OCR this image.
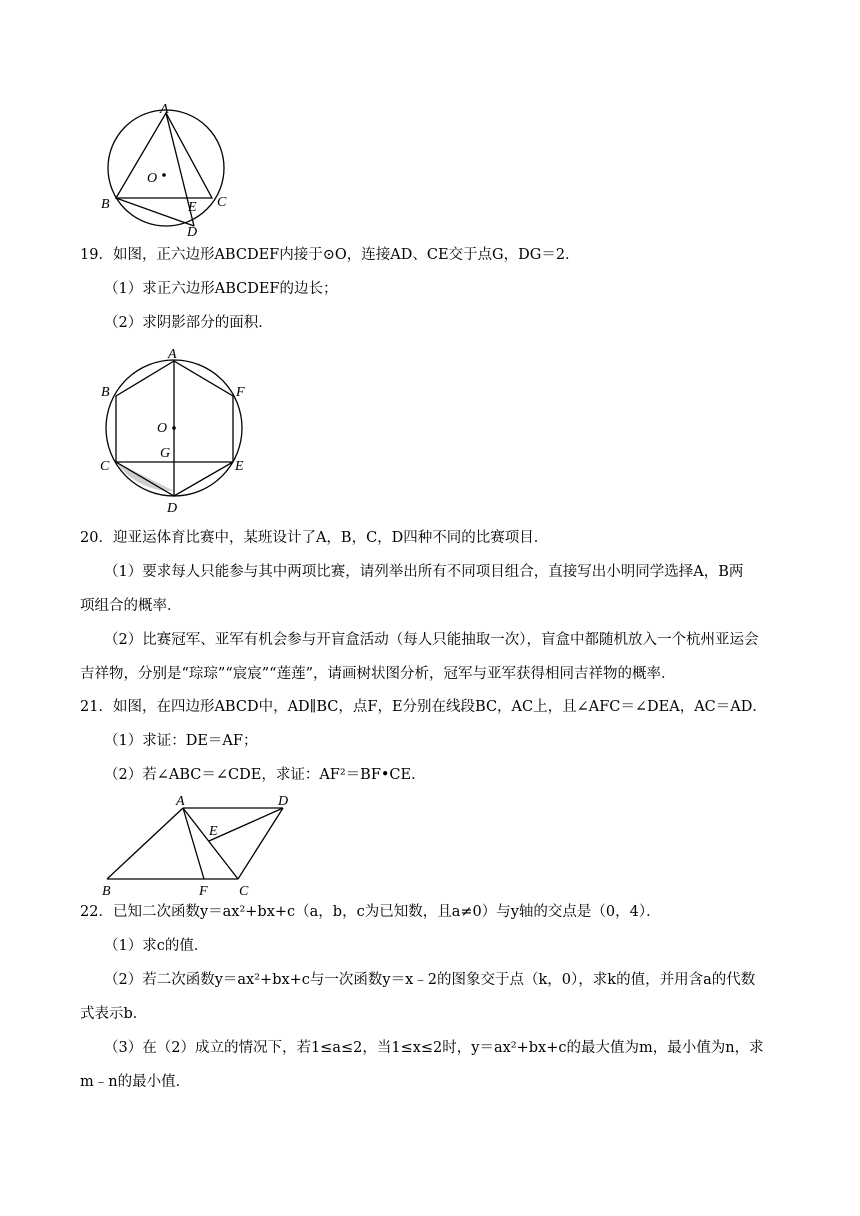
A
O
B	E C
D
19．如图，正六边形ABCDEF内接于⊙O，连接AD、CE交于点G，DG＝2．
（1）求正六边形ABCDEF的边长；
（2）求阴影部分的面积．
A
B	F
O
G
C	E
D
20．迎亚运体育比赛中，某班设计了A，B，C，D四种不同的比赛项目．
（1）要求每人只能参与其中两项比赛，请列举出所有不同项目组合，直接写出小明同学选择A，B两
项组合的概率．
（2）比赛冠军、亚军有机会参与开盲盒活动（每人只能抽取一次），盲盒中都随机放入一个杭州亚运会
吉祥物，分别是“琮琮”“宸宸”“莲莲”，请画树状图分析，冠军与亚军获得相同吉祥物的概率．
21．如图，在四边形ABCD中，AD∥BC，点F，E分别在线段BC，AC上，且∠AFC＝∠DEA，AC＝AD．
（1）求证：DE＝AF；
（2）若∠ABC＝∠CDE，求证：AF²＝BF•CE．
A	D
E
B	F C
22．已知二次函数y＝ax²+bx+c（a，b，c为已知数，且a≠0）与y轴的交点是（0，4）．
（1）求c的值．
（2）若二次函数y＝ax²+bx+c与一次函数y＝x﹣2的图象交于点（k，0），求k的值，并用含a的代数
式表示b．
（3）在（2）成立的情况下，若1≤a≤2，当1≤x≤2时，y＝ax²+bx+c的最大值为m，最小值为n，求
m﹣n的最小值．
